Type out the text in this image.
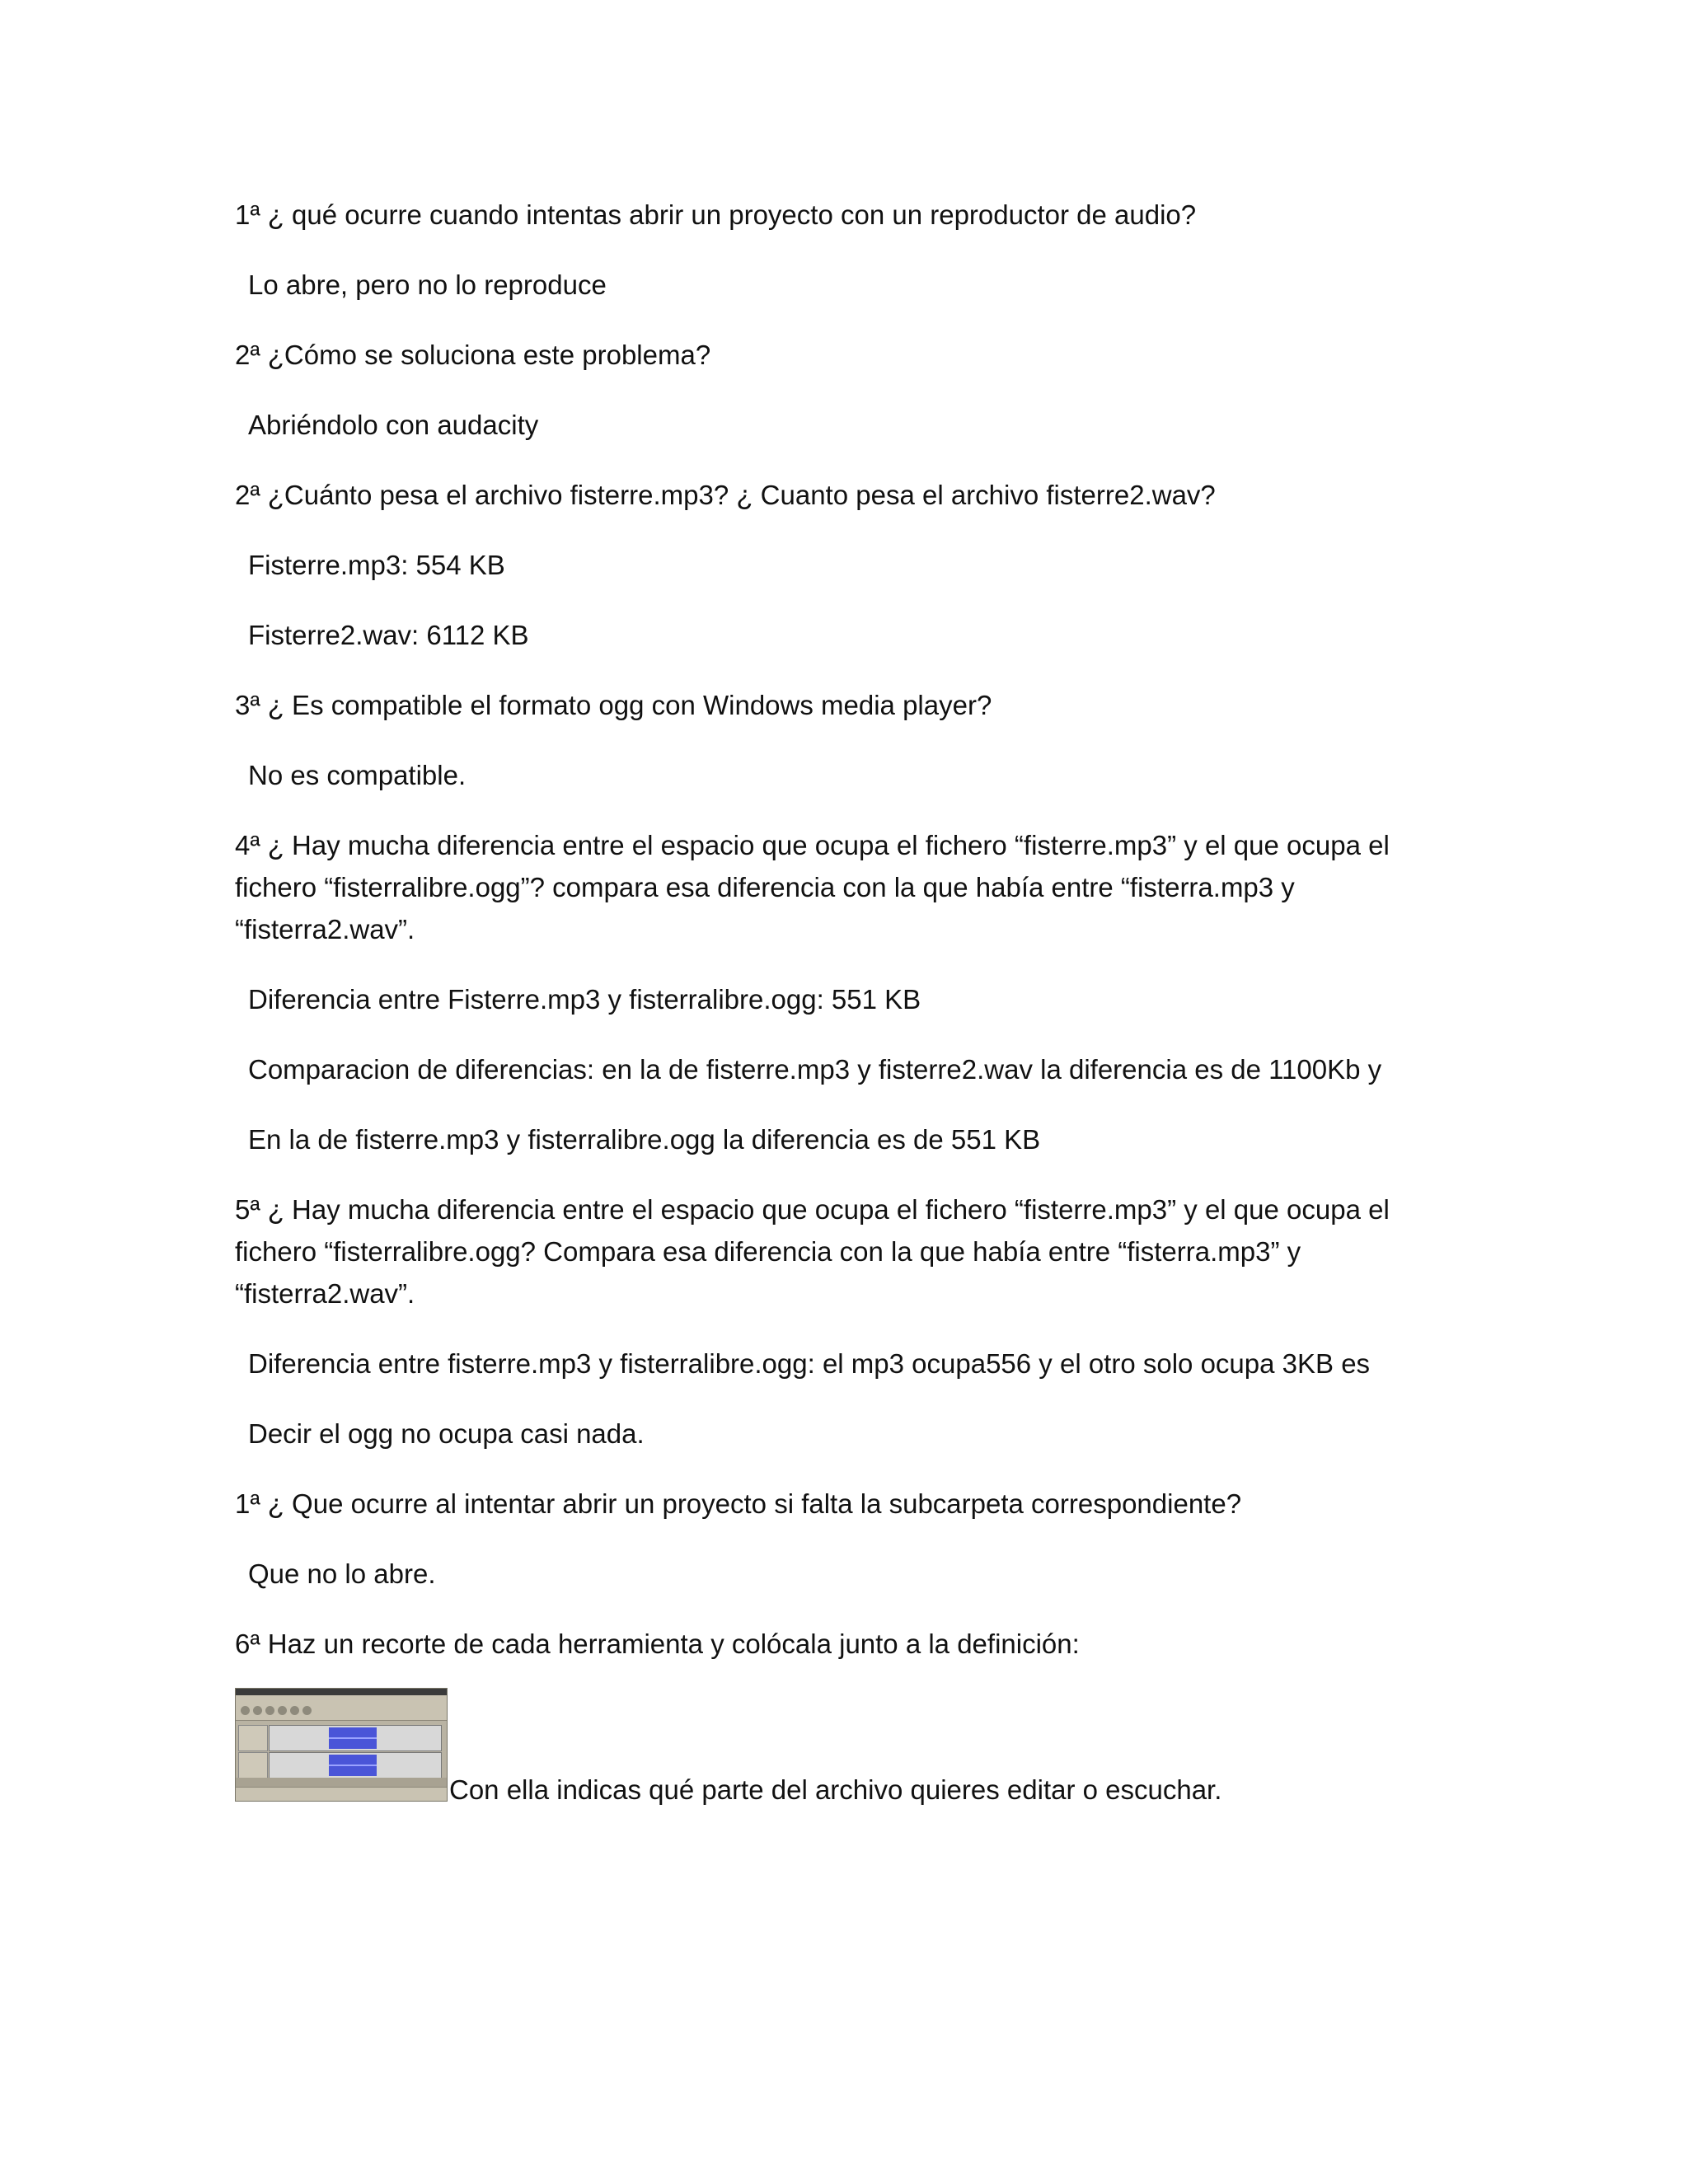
1ª ¿ qué ocurre cuando intentas abrir un proyecto con un reproductor de audio?

Lo abre, pero no lo reproduce

2ª ¿Cómo se soluciona este problema?

Abriéndolo con audacity

2ª ¿Cuánto pesa el archivo fisterre.mp3? ¿ Cuanto pesa el archivo fisterre2.wav?

Fisterre.mp3: 554 KB

Fisterre2.wav: 6112 KB

3ª ¿ Es compatible el formato ogg con Windows media player?

No es compatible.

4ª ¿ Hay mucha diferencia entre el espacio que ocupa el fichero “fisterre.mp3” y el que ocupa el
fichero “fisterralibre.ogg”? compara esa diferencia con la que había entre “fisterra.mp3 y
“fisterra2.wav”.

Diferencia entre Fisterre.mp3 y fisterralibre.ogg: 551 KB

Comparacion de diferencias: en la de fisterre.mp3 y fisterre2.wav la diferencia es de 1100Kb y

En la de fisterre.mp3 y fisterralibre.ogg la diferencia es de 551 KB

5ª ¿ Hay mucha diferencia entre el espacio que ocupa el fichero “fisterre.mp3” y el que ocupa el
fichero “fisterralibre.ogg? Compara esa diferencia con la que había entre “fisterra.mp3” y
“fisterra2.wav”.

Diferencia entre fisterre.mp3 y fisterralibre.ogg: el mp3 ocupa556 y el otro solo ocupa 3KB es

Decir el ogg no ocupa casi nada.

1ª ¿ Que ocurre al intentar abrir un proyecto si falta la subcarpeta correspondiente?

Que no lo abre.

6ª Haz un recorte de cada herramienta y colócala junto a la definición:

Con ella indicas qué parte del archivo quieres editar o escuchar.
